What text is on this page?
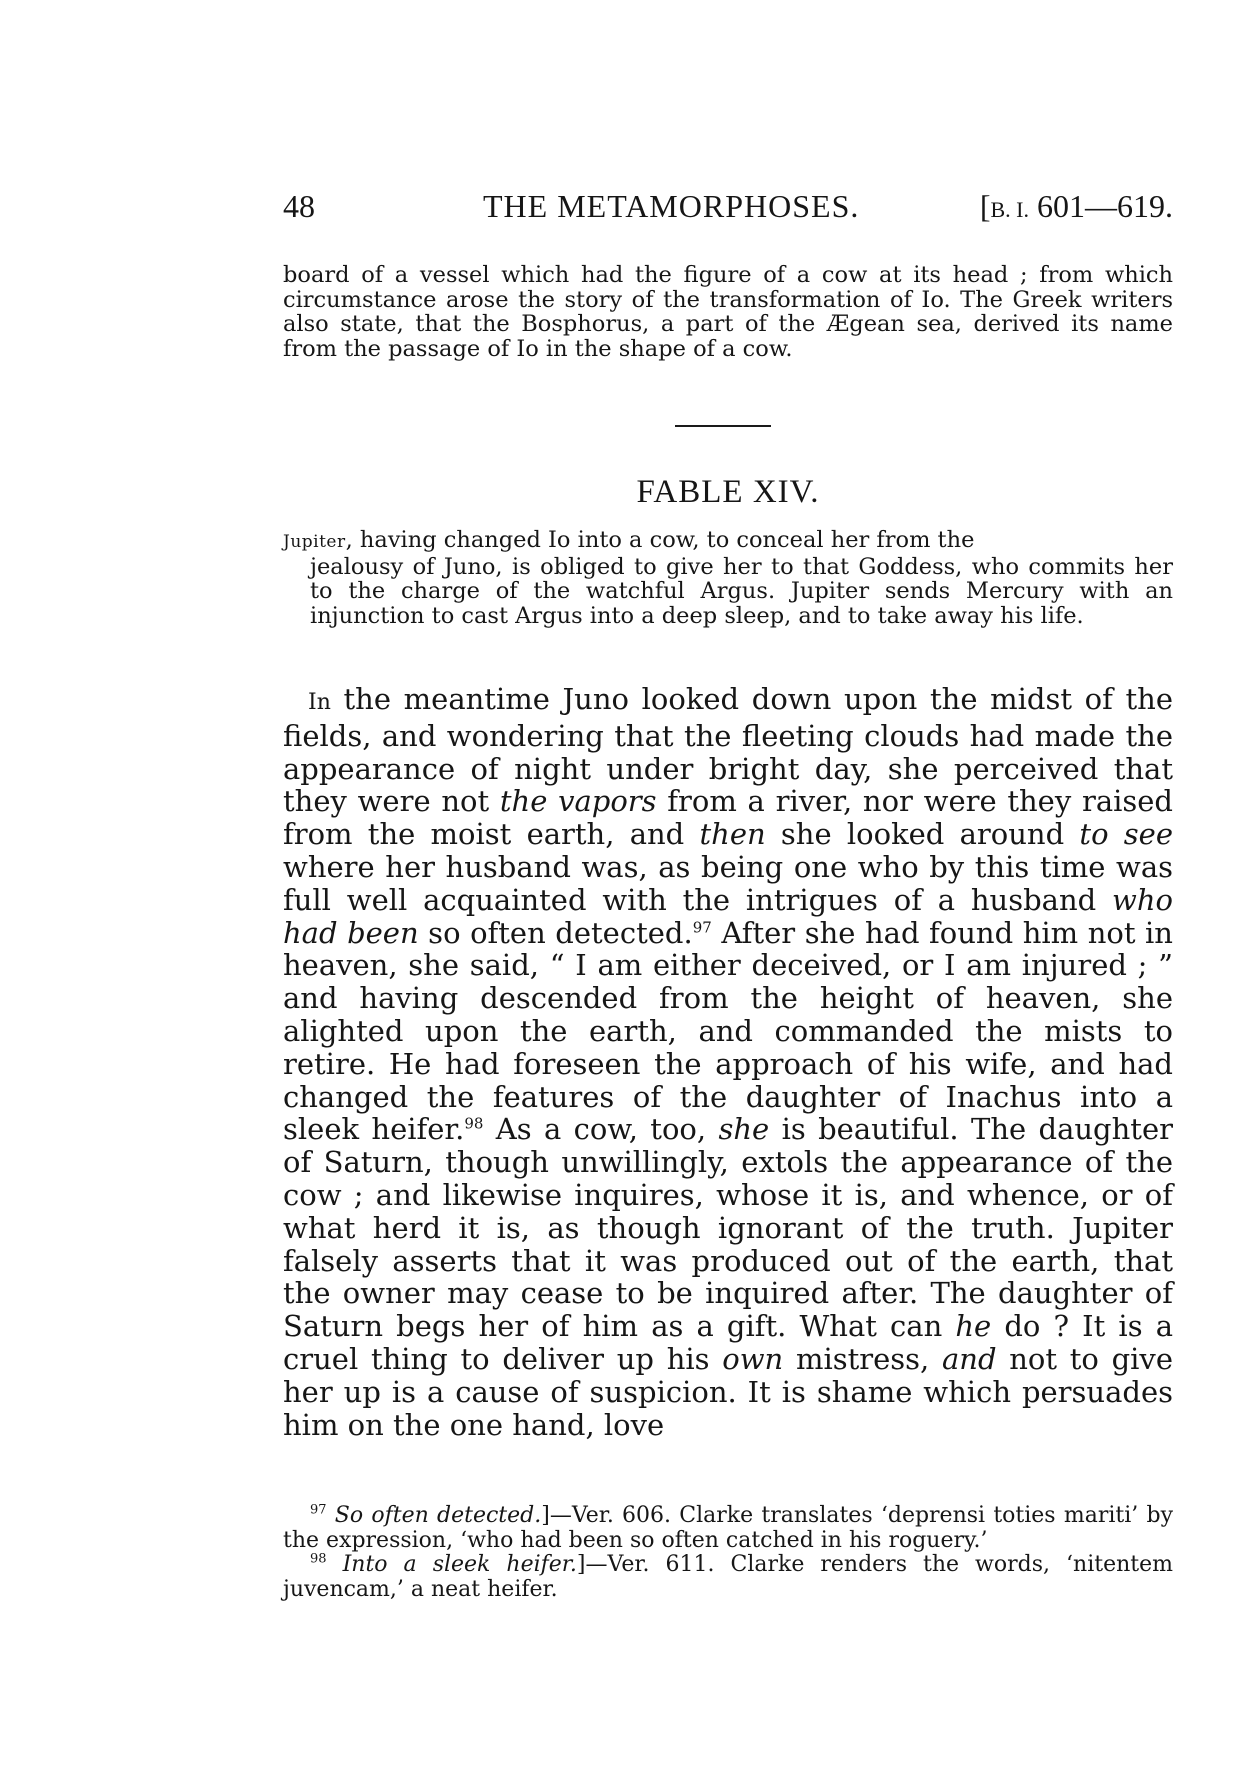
48	THE METAMORPHOSES.	[B. I. 601—619.
board of a vessel which had the figure of a cow at its head ; from which circumstance arose the story of the transformation of Io. The Greek writers also state, that the Bosphorus, a part of the Ægean sea, derived its name from the passage of Io in the shape of a cow.
FABLE XIV.
Jupiter, having changed Io into a cow, to conceal her from the
jealousy of Juno, is obliged to give her to that Goddess, who commits her to the charge of the watchful Argus. Jupiter sends Mercury with an injunction to cast Argus into a deep sleep, and to take away his life.

In the meantime Juno looked down upon the midst of the fields, and wondering that the fleeting clouds had made the appearance of night under bright day, she perceived that they were not the vapors from a river, nor were they raised from the moist earth, and then she looked around to see where her husband was, as being one who by this time was full well acquainted with the intrigues of a husband who had been so often detected.$^{97}$ After she had found him not in heaven, she said, “ I am either deceived, or I am injured ; ” and having descended from the height of heaven, she alighted upon the earth, and commanded the mists to retire. He had foreseen the approach of his wife, and had changed the features of the daughter of Inachus into a sleek heifer.$^{98}$ As a cow, too, she is beautiful. The daughter of Saturn, though unwillingly, extols the appearance of the cow ; and likewise inquires, whose it is, and whence, or of what herd it is, as though ignorant of the truth. Jupiter falsely asserts that it was produced out of the earth, that the owner may cease to be inquired after. The daughter of Saturn begs her of him as a gift. What can he do ? It is a cruel thing to deliver up his own mistress, and not to give her up is a cause of suspicion. It is shame which persuades him on the one hand, love

$^{97}$ So often detected.]—Ver. 606. Clarke translates ‘deprensi toties mariti’ by the expression, ‘who had been so often catched in his roguery.’

$^{98}$ Into a sleek heifer.]—Ver. 611. Clarke renders the words, ‘nitentem juvencam,’ a neat heifer.
